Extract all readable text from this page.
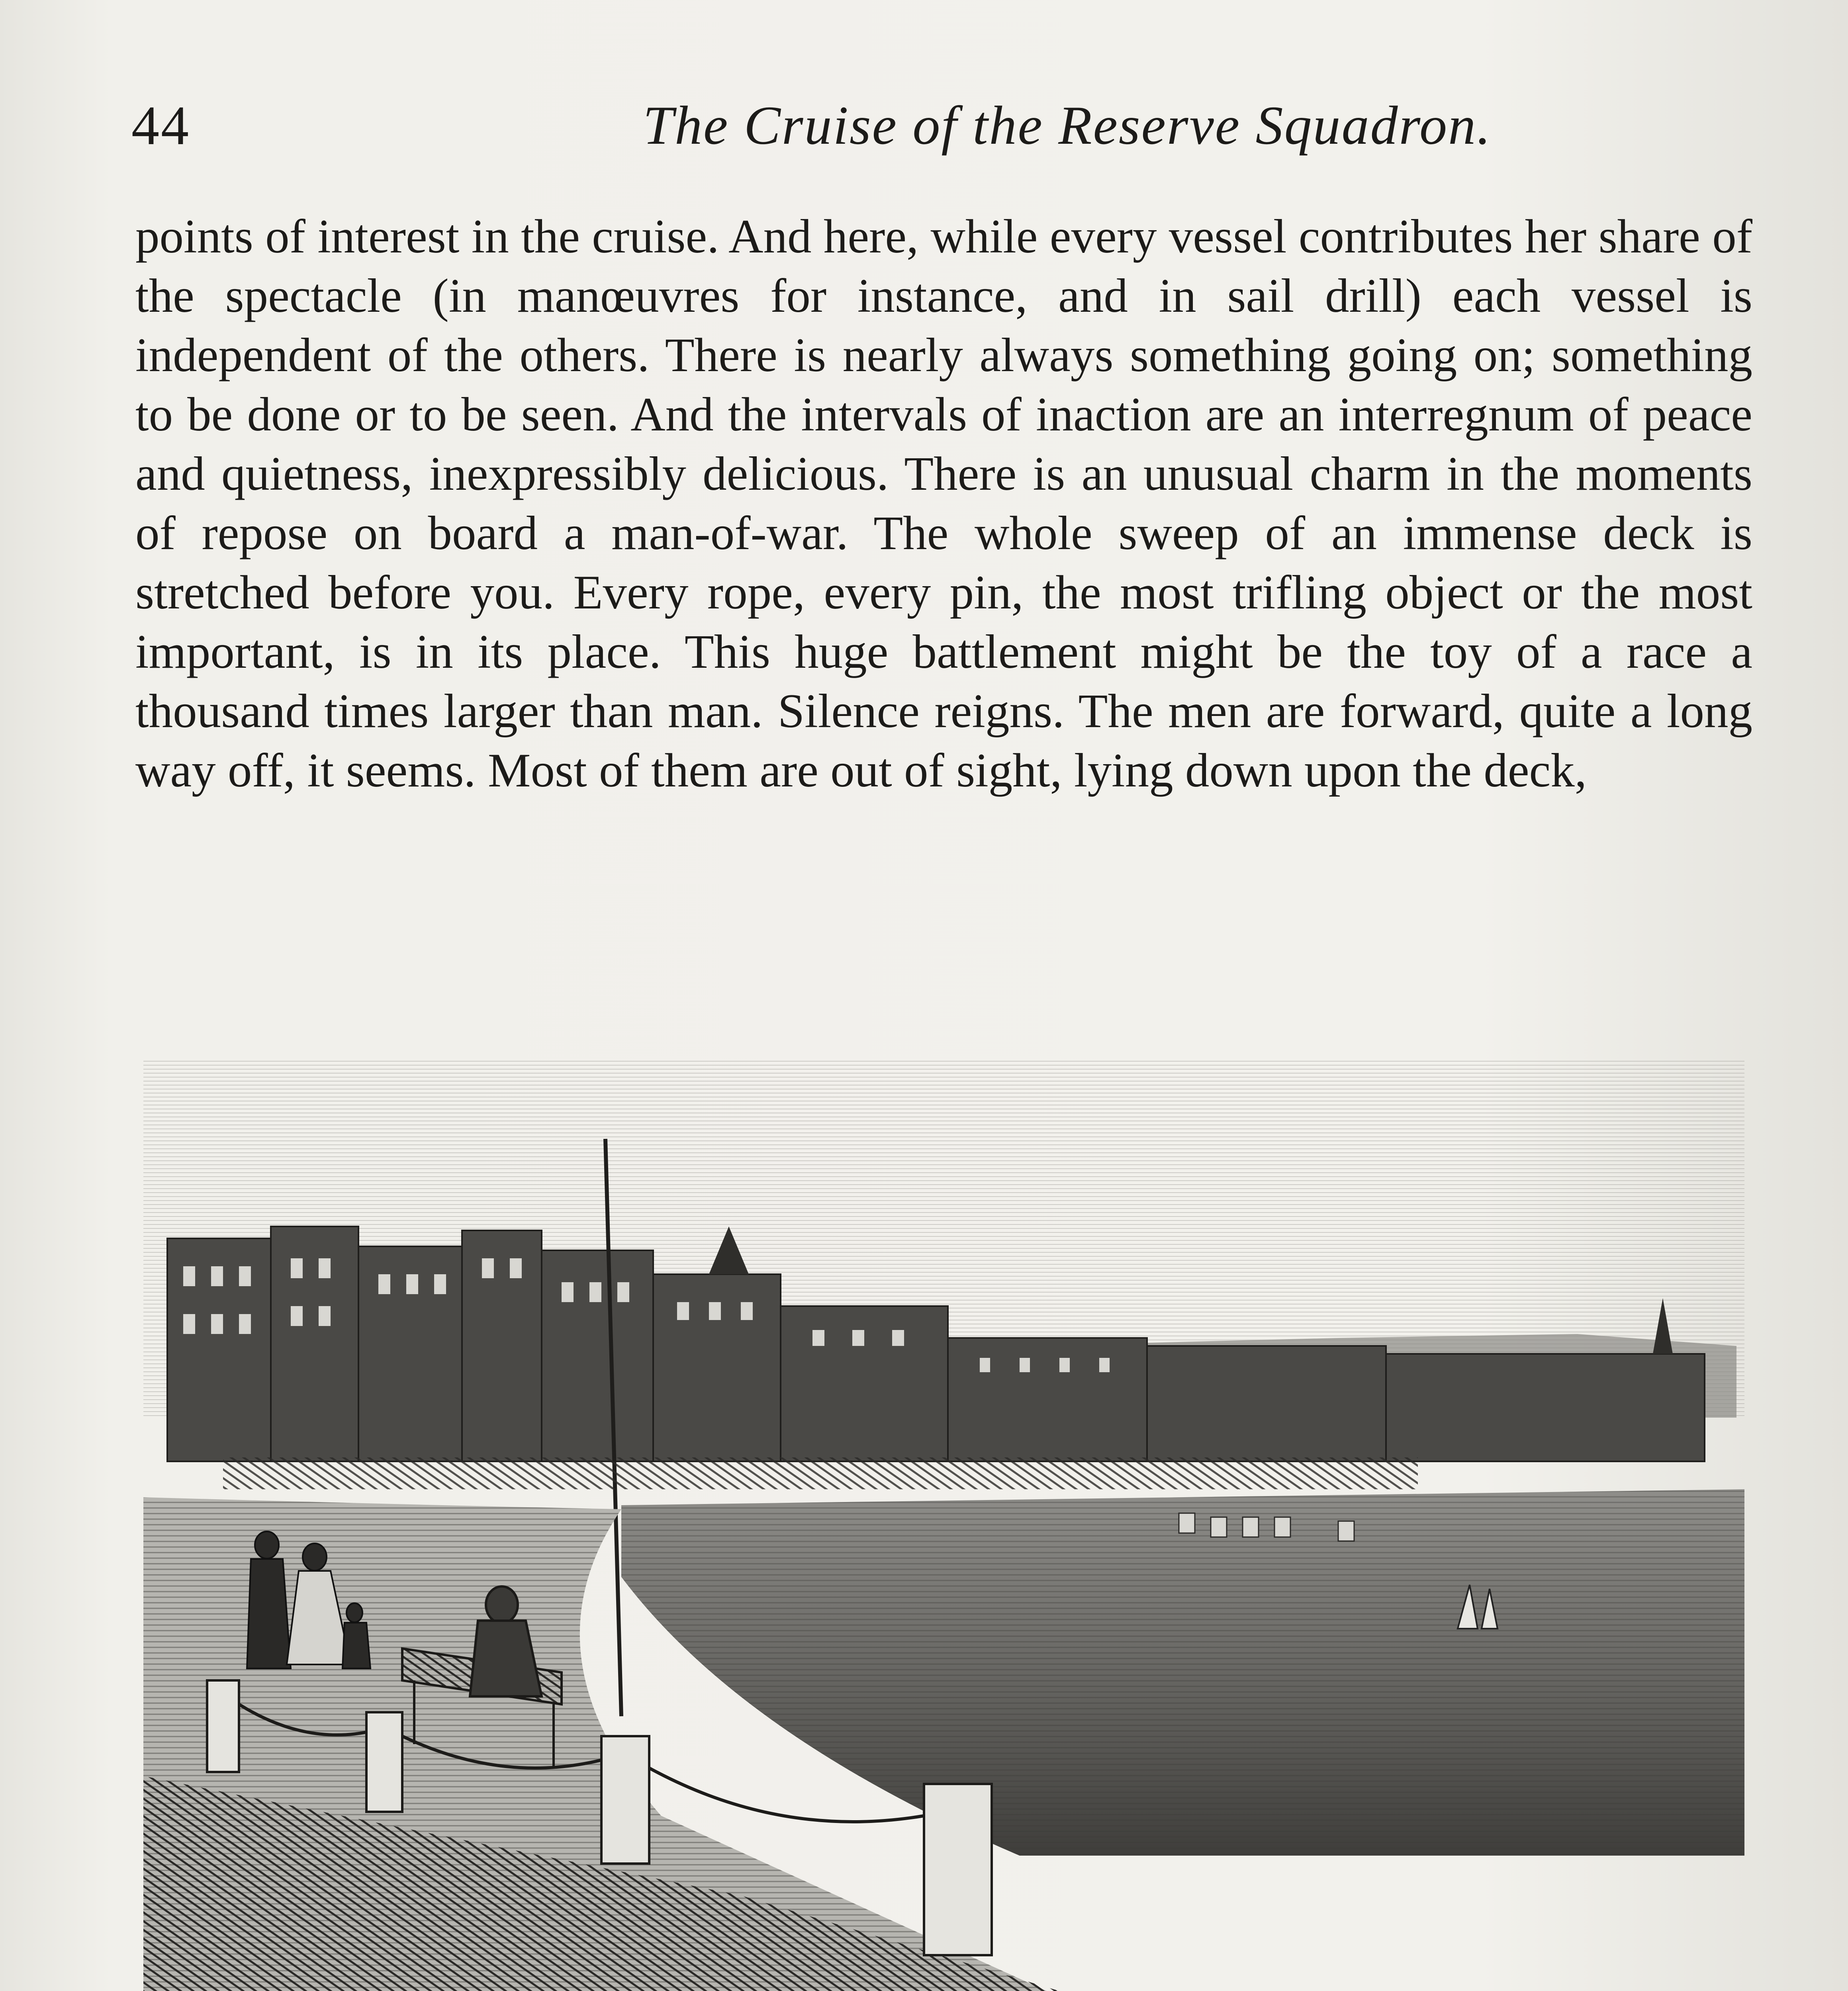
44	The Cruise of the Reserve Squadron.

points of interest in the cruise. And here, while every vessel contributes her share of the spectacle (in manœuvres for instance, and in sail drill) each vessel is independent of the others. There is nearly always something going on; something to be done or to be seen. And the intervals of inaction are an interregnum of peace and quietness, inexpressibly delicious. There is an unusual charm in the moments of repose on board a man-of-war. The whole sweep of an immense deck is stretched before you. Every rope, every pin, the most trifling object or the most important, is in its place. This huge battlement might be the toy of a race a thousand times larger than man. Silence reigns. The men are forward, quite a long way off, it seems. Most of them are out of sight, lying down upon the deck,
